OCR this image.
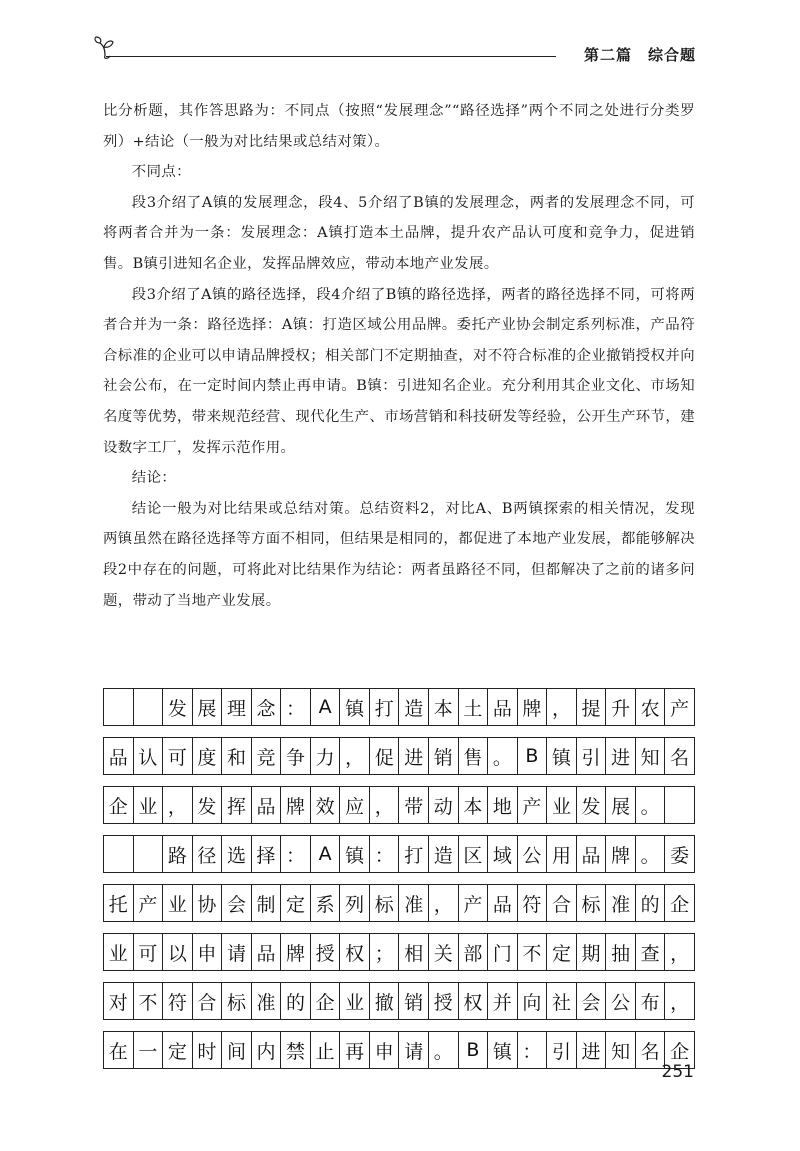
第二篇　综合题

比分析题，其作答思路为：不同点（按照“发展理念”“路径选择”两个不同之处进行分类罗列）+结论（一般为对比结果或总结对策）。

不同点：

段3介绍了A镇的发展理念，段4、5介绍了B镇的发展理念，两者的发展理念不同，可将两者合并为一条：发展理念：A镇打造本土品牌，提升农产品认可度和竞争力，促进销售。B镇引进知名企业，发挥品牌效应，带动本地产业发展。

段3介绍了A镇的路径选择，段4介绍了B镇的路径选择，两者的路径选择不同，可将两者合并为一条：路径选择：A镇：打造区域公用品牌。委托产业协会制定系列标准，产品符合标准的企业可以申请品牌授权；相关部门不定期抽查，对不符合标准的企业撤销授权并向社会公布，在一定时间内禁止再申请。B镇：引进知名企业。充分利用其企业文化、市场知名度等优势，带来规范经营、现代化生产、市场营销和科技研发等经验，公开生产环节，建设数字工厂，发挥示范作用。

结论：

结论一般为对比结果或总结对策。总结资料2，对比A、B两镇探索的相关情况，发现两镇虽然在路径选择等方面不相同，但结果是相同的，都促进了本地产业发展，都能够解决段2中存在的问题，可将此对比结果作为结论：两者虽路径不同，但都解决了之前的诸多问题，带动了当地产业发展。

发 展 理 念 ： A 镇 打 造 本 土 品 牌 ， 提 升 农 产
品 认 可 度 和 竞 争 力 ， 促 进 销 售 。 B 镇 引 进 知 名
企 业 ， 发 挥 品 牌 效 应 ， 带 动 本 地 产 业 发 展 。
路 径 选 择 ： A 镇 ： 打 造 区 域 公 用 品 牌 。 委
托 产 业 协 会 制 定 系 列 标 准 ， 产 品 符 合 标 准 的 企
业 可 以 申 请 品 牌 授 权 ； 相 关 部 门 不 定 期 抽 查 ，
对 不 符 合 标 准 的 企 业 撤 销 授 权 并 向 社 会 公 布 ，
在 一 定 时 间 内 禁 止 再 申 请 。 B 镇 ： 引 进 知 名 企
251
